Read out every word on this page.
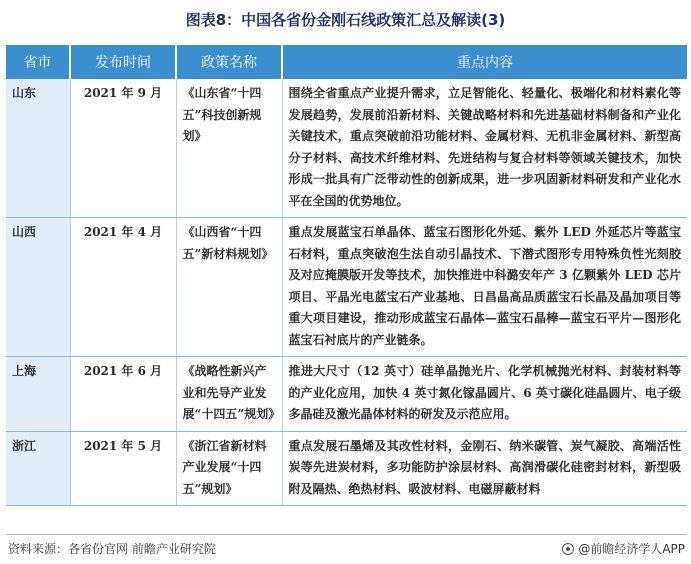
图表8：中国各省份金刚石线政策汇总及解读(3)
省市	发布时间	政策名称	重点内容
山东	2021 年 9 月	《山东省“十四五”科技创新规划》	围绕全省重点产业提升需求，立足智能化、轻量化、极端化和材料素化等发展趋势，发展前沿新材料、关键战略材料和先进基础材料制备和产业化关键技术，重点突破前沿功能材料、金属材料、无机非金属材料、新型高分子材料、高技术纤维材料、先进结构与复合材料等领域关键技术，加快形成一批具有广泛带动性的创新成果，进一步巩固新材料研发和产业化水平在全国的优势地位。
山西	2021 年 4 月	《山西省“十四五”新材料规划》	重点发展蓝宝石单晶体、蓝宝石图形化外延、紫外 LED 外延芯片等蓝宝石材料，重点突破泡生法自动引晶技术、下潜式图形专用特殊负性光刻胶及对应掩膜版开发等技术，加快推进中科潞安年产 3 亿颗紫外 LED 芯片项目、平晶光电蓝宝石产业基地、日昌晶高品质蓝宝石长晶及晶加项目等重大项目建设，推动形成蓝宝石晶体—蓝宝石晶棒—蓝宝石平片—图形化蓝宝石衬底片的产业链条。
上海	2021 年 6 月	《战略性新兴产业和先导产业发展“十四五”规划》	推进大尺寸（12 英寸）硅单晶抛光片、化学机械抛光材料、封装材料等的产业化应用，加快 4 英寸氮化镓晶圆片、6 英寸碳化硅晶圆片、电子级多晶硅及激光晶体材料的研发及示范应用。
浙江	2021 年 5 月	《浙江省新材料产业发展“十四五”规划》	重点发展石墨烯及其改性材料，金刚石、纳米碳管、炭气凝胶、高端活性炭等先进炭材料，多功能防护涂层材料、高润滑碳化硅密封材料，新型吸附及隔热、绝热材料、吸波材料、电磁屏蔽材料
资料来源：各省份官网 前瞻产业研究院	@前瞻经济学人APP
